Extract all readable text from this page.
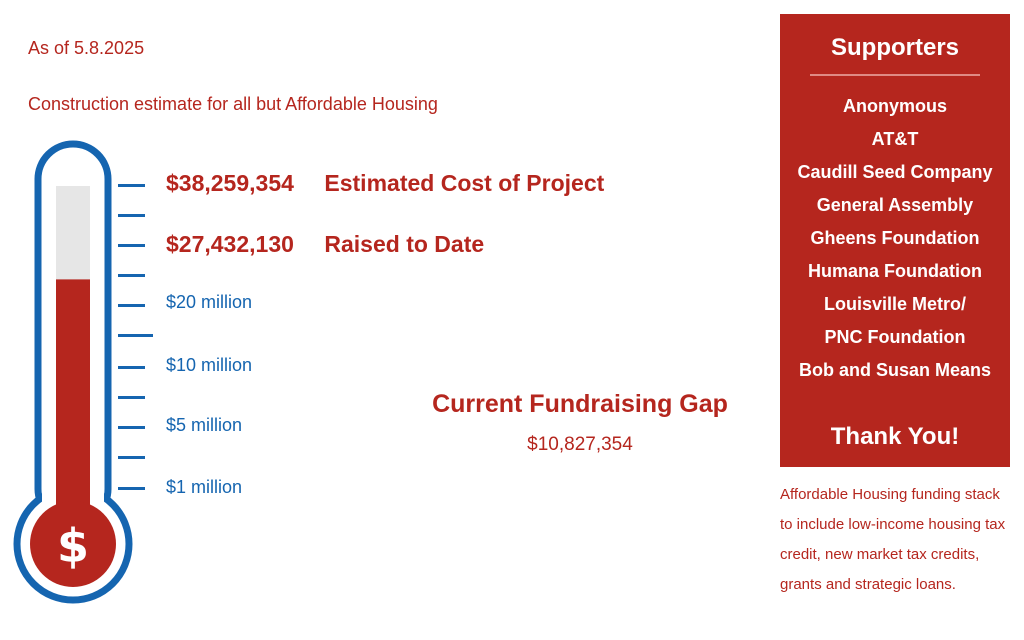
As of 5.8.2025
Construction estimate for all but Affordable Housing
$
$38,259,354 Estimated Cost of Project
$27,432,130 Raised to Date
$20 million
$10 million
$5 million
$1 million
Current Fundraising Gap
$10,827,354
Supporters
Anonymous
AT&T
Caudill Seed Company
General Assembly
Gheens Foundation
Humana Foundation
Louisville Metro/
PNC Foundation
Bob and Susan Means
Thank You!
Affordable Housing funding stack to include low-income housing tax credit, new market tax credits, grants and strategic loans.
